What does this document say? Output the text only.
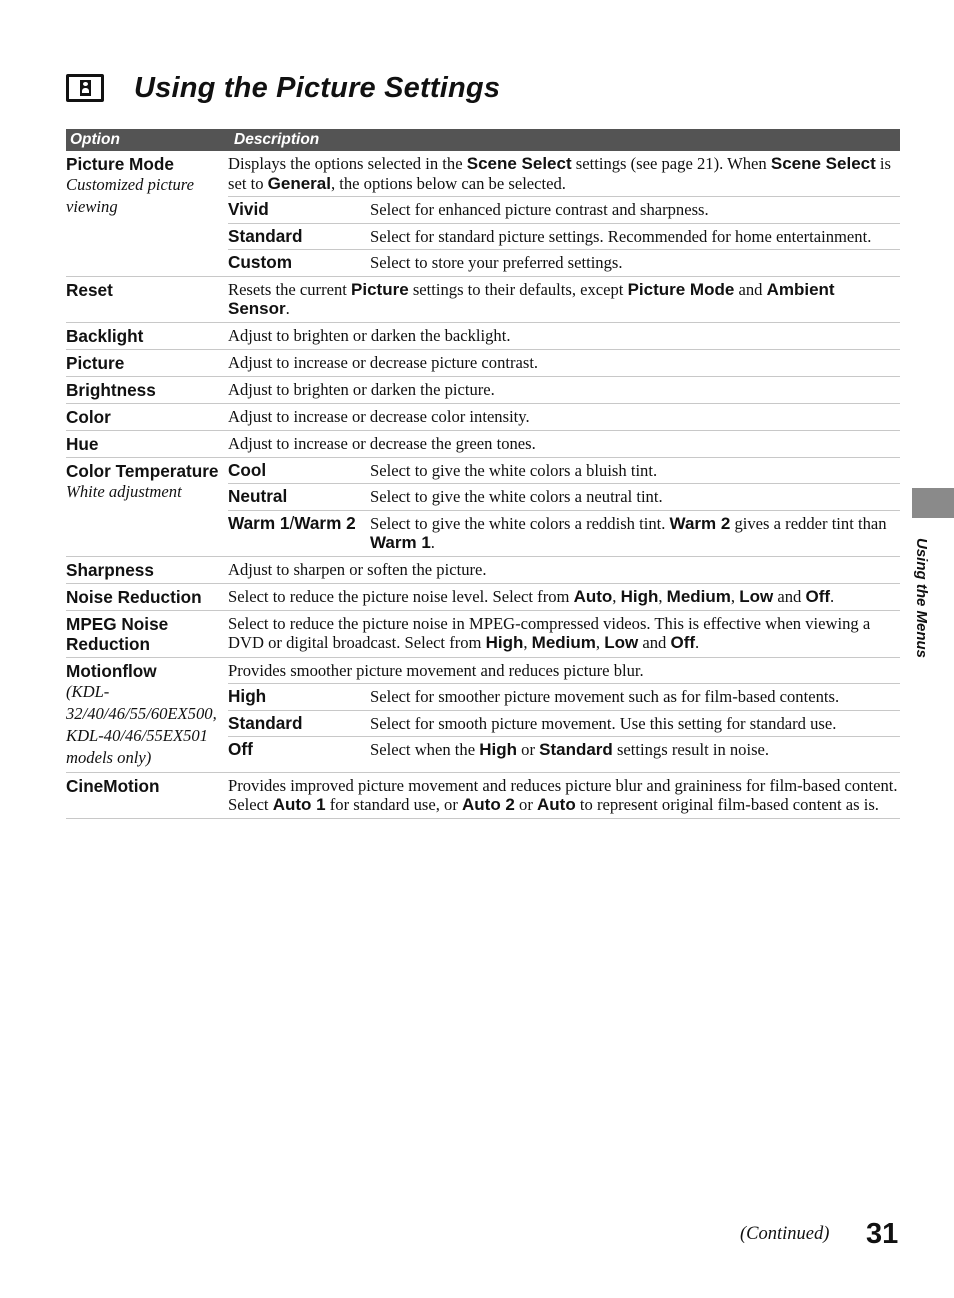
Using the Picture Settings
Option	Description

Picture Mode
Customized picture viewing

Displays the options selected in the Scene Select settings (see page 21). When Scene Select is set to General, the options below can be selected.
Vivid	Select for enhanced picture contrast and sharpness.
Standard	Select for standard picture settings. Recommended for home entertainment.
Custom	Select to store your preferred settings.

Reset	Resets the current Picture settings to their defaults, except Picture Mode and Ambient Sensor.

Backlight	Adjust to brighten or darken the backlight.

Picture	Adjust to increase or decrease picture contrast.

Brightness	Adjust to brighten or darken the picture.

Color	Adjust to increase or decrease color intensity.

Hue	Adjust to increase or decrease the green tones.

Color Temperature
White adjustment

Cool	Select to give the white colors a bluish tint.
Neutral	Select to give the white colors a neutral tint.
Warm 1/Warm 2	Select to give the white colors a reddish tint. Warm 2 gives a redder tint than Warm 1.

Sharpness	Adjust to sharpen or soften the picture.

Noise Reduction	Select to reduce the picture noise level. Select from Auto, High, Medium, Low and Off.

MPEG Noise Reduction
	Select to reduce the picture noise in MPEG-compressed videos. This is effective when viewing a DVD or digital broadcast. Select from High, Medium, Low and Off.

Motionflow
(KDL-32/40/46/55/60EX500, KDL-40/46/55EX501 models only)

Provides smoother picture movement and reduces picture blur.
High	Select for smoother picture movement such as for film-based contents.
Standard	Select for smooth picture movement. Use this setting for standard use.
Off	Select when the High or Standard settings result in noise.

CineMotion	Provides improved picture movement and reduces picture blur and graininess for film-based content. Select Auto 1 for standard use, or Auto 2 or Auto to represent original film-based content as is.
Using the Menus
(Continued) 31
